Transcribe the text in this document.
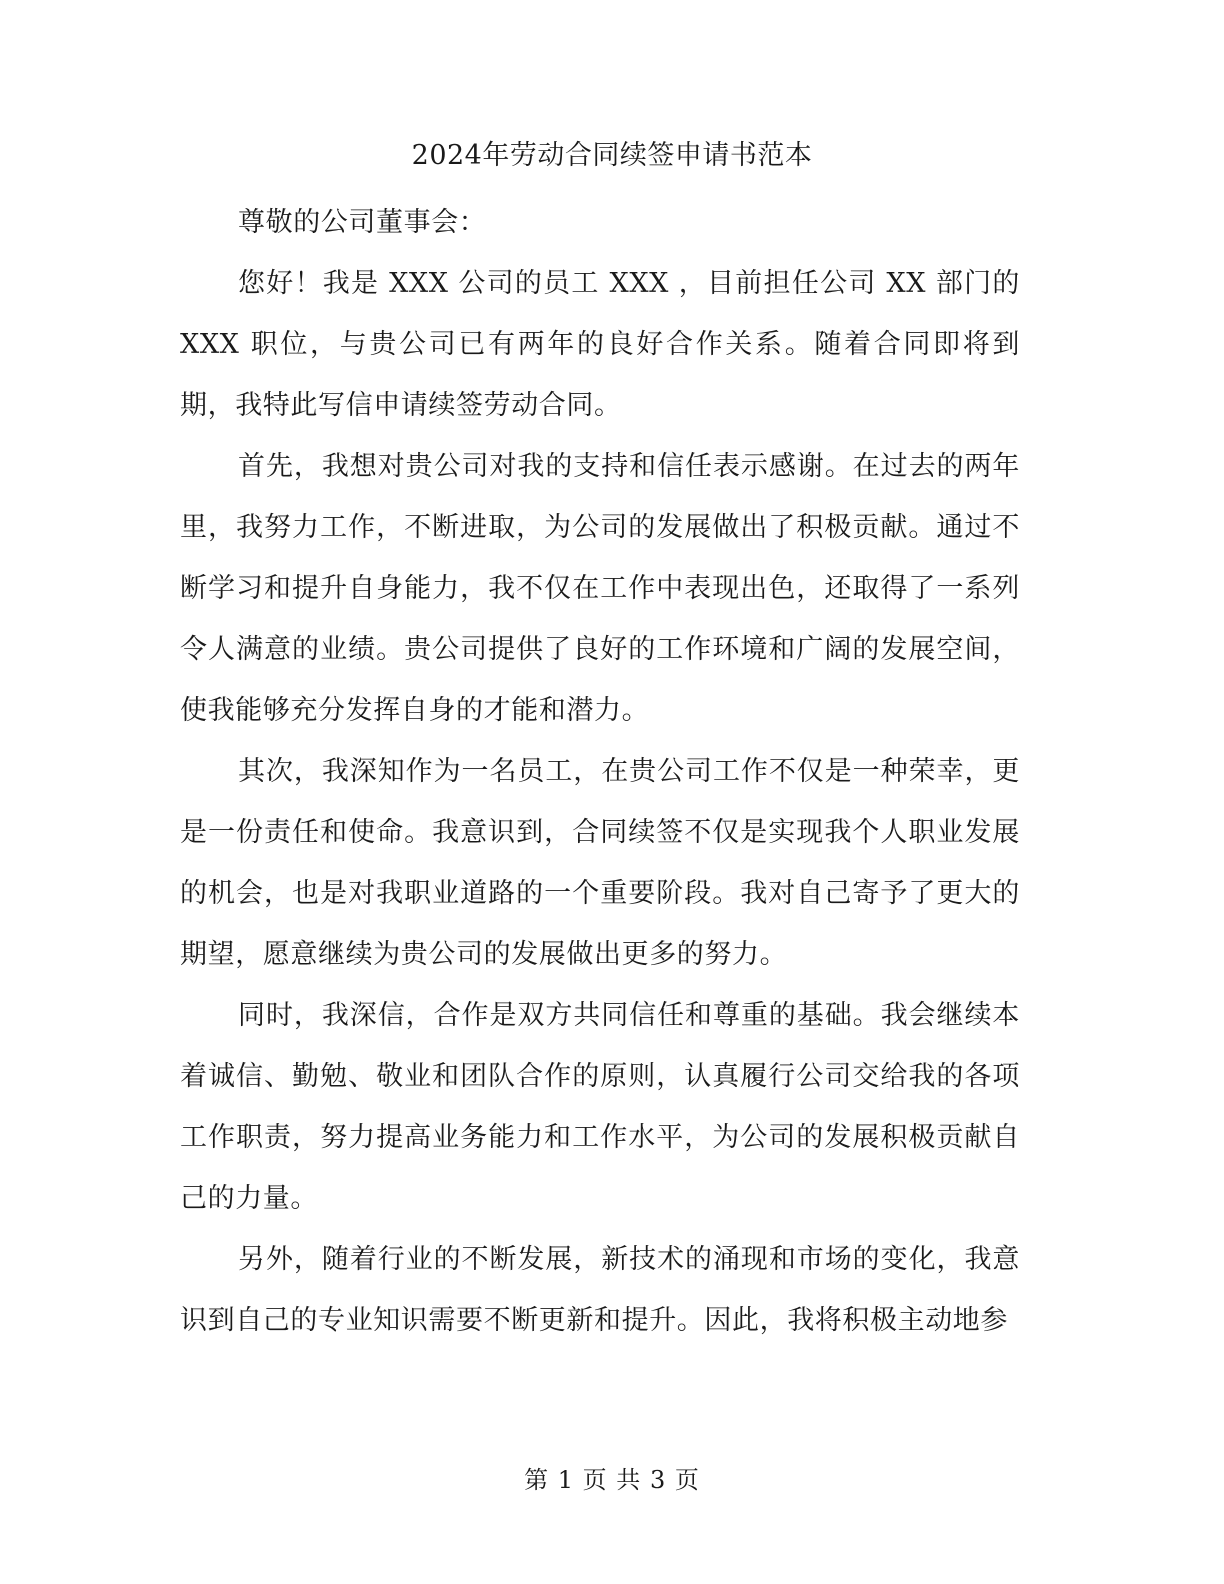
2024年劳动合同续签申请书范本

尊敬的公司董事会：

您好！我是 XXX 公司的员工 XXX ，目前担任公司 XX 部门的 XXX 职位，与贵公司已有两年的良好合作关系。随着合同即将到期，我特此写信申请续签劳动合同。

首先，我想对贵公司对我的支持和信任表示感谢。在过去的两年里，我努力工作，不断进取，为公司的发展做出了积极贡献。通过不断学习和提升自身能力，我不仅在工作中表现出色，还取得了一系列令人满意的业绩。贵公司提供了良好的工作环境和广阔的发展空间，使我能够充分发挥自身的才能和潜力。

其次，我深知作为一名员工，在贵公司工作不仅是一种荣幸，更是一份责任和使命。我意识到，合同续签不仅是实现我个人职业发展的机会，也是对我职业道路的一个重要阶段。我对自己寄予了更大的期望，愿意继续为贵公司的发展做出更多的努力。

同时，我深信，合作是双方共同信任和尊重的基础。我会继续本着诚信、勤勉、敬业和团队合作的原则，认真履行公司交给我的各项工作职责，努力提高业务能力和工作水平，为公司的发展积极贡献自己的力量。

另外，随着行业的不断发展，新技术的涌现和市场的变化，我意识到自己的专业知识需要不断更新和提升。因此，我将积极主动地参

第 1 页 共 3 页
